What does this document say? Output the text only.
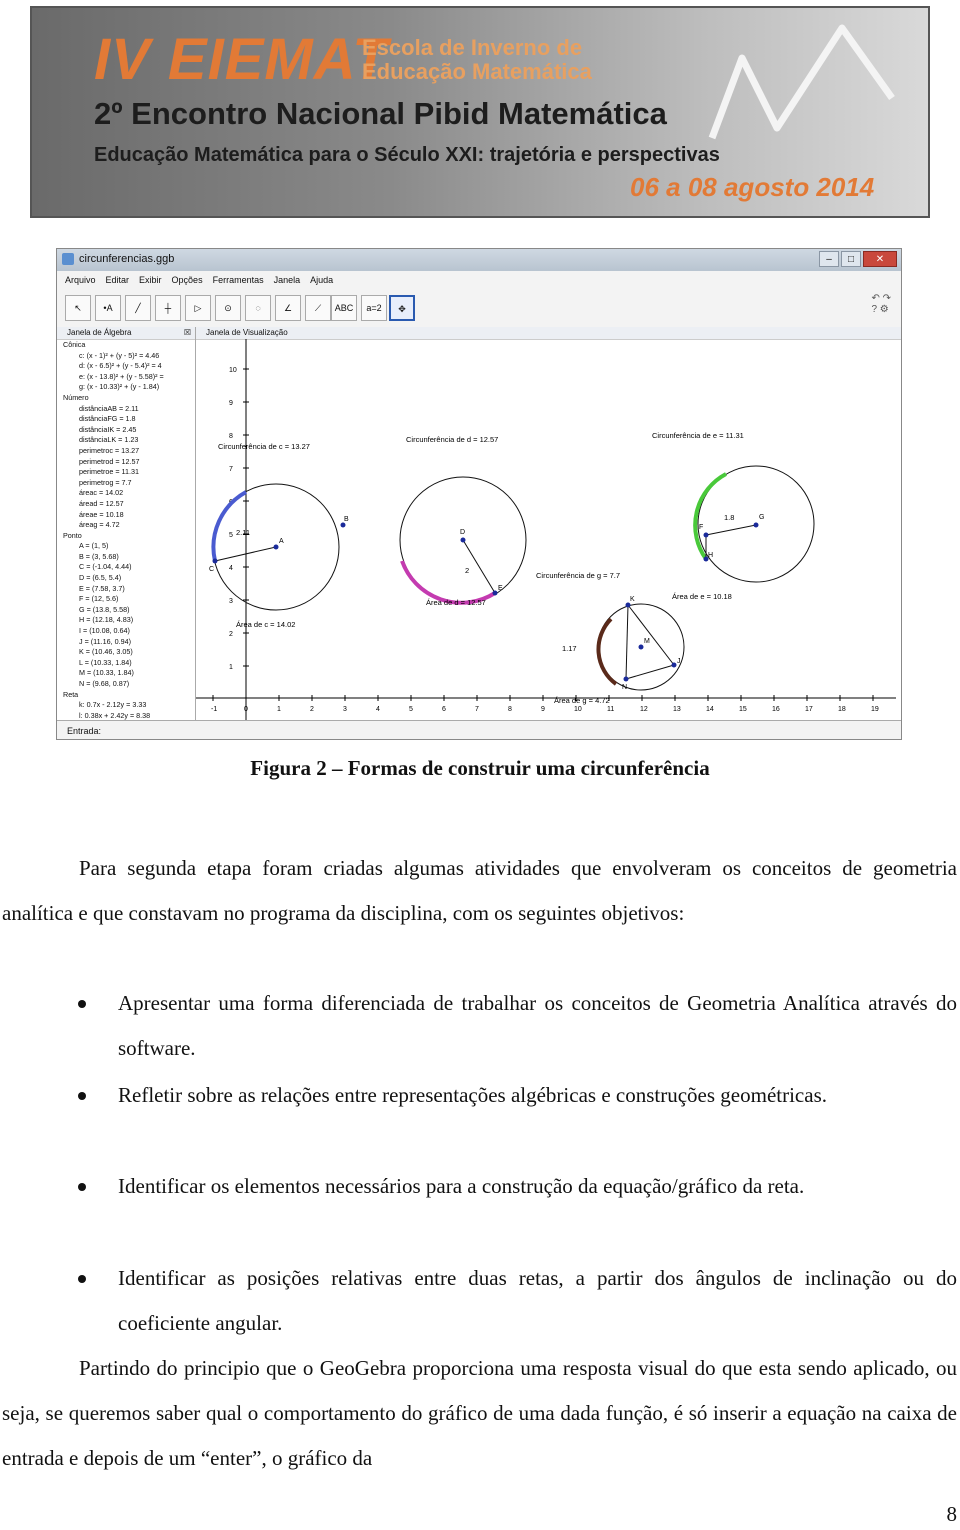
IV EIEMAT
Escola de Inverno de
Educação Matemática
2º Encontro Nacional Pibid Matemática
Educação Matemática para o Século XXI: trajetória e perspectivas
06 a 08 agosto 2014
circunferencias.ggb	–	□	✕
Arquivo Editar Exibir Opções Ferramentas Janela Ajuda
↖	•A	╱	┼	▷	⊙	◌	∠	⟋	ABC	a=2	✥
↶ ↷
? ⚙
Janela de Álgebra	☒
Cônica
c: (x - 1)² + (y - 5)² = 4.46
d: (x - 6.5)² + (y - 5.4)² = 4
e: (x - 13.8)² + (y - 5.58)² =
g: (x - 10.33)² + (y - 1.84)
Número
distânciaAB = 2.11
distânciaFG = 1.8
distânciaIK = 2.45
distânciaLK = 1.23
perimetroc = 13.27
perimetrod = 12.57
perimetroe = 11.31
perimetrog = 7.7
áreac = 14.02
áread = 12.57
áreae = 10.18
áreag = 4.72
Ponto
A = (1, 5)
B = (3, 5.68)
C = (-1.04, 4.44)
D = (6.5, 5.4)
E = (7.58, 3.7)
F = (12, 5.6)
G = (13.8, 5.58)
H = (12.18, 4.83)
I = (10.08, 0.64)
J = (11.16, 0.94)
K = (10.46, 3.05)
L = (10.33, 1.84)
M = (10.33, 1.84)
N = (9.68, 0.87)
Reta
k: 0.7x - 2.12y = 3.33
l: 0.38x + 2.42y = 8.38
Janela de Visualização
-1	0	1	2	3	4	5	6	7	8	9	10	11	12	13	14	15	16	17	18	19
1
2
3
4
5
6
7
8
9
10
A
B
C
D
E
F
G
H
K
M
N
J
Circunferência de c = 13.27
Circunferência de d = 12.57	Circunferência de e = 11.31
Circunferência de g = 7.7
Área de c = 14.02
Área de d = 12.57
Área de e = 10.18
Área de g = 4.72
2.11
2
1.8
1.17
Entrada:
Figura 2 – Formas de construir uma circunferência

Para segunda etapa foram criadas algumas atividades que envolveram os conceitos de geometria analítica e que constavam no programa da disciplina, com os seguintes objetivos:

Apresentar uma forma diferenciada de trabalhar os conceitos de Geometria Analítica através do software.
Refletir sobre as relações entre representações algébricas e construções geométricas.
Identificar os elementos necessários para a construção da equação/gráfico da reta.
Identificar as posições relativas entre duas retas, a partir dos ângulos de inclinação ou do coeficiente angular.

Partindo do principio que o GeoGebra proporciona uma resposta visual do que esta sendo aplicado, ou seja, se queremos saber qual o comportamento do gráfico de uma dada função, é só inserir a equação na caixa de entrada e depois de um “enter”, o gráfico da

8
